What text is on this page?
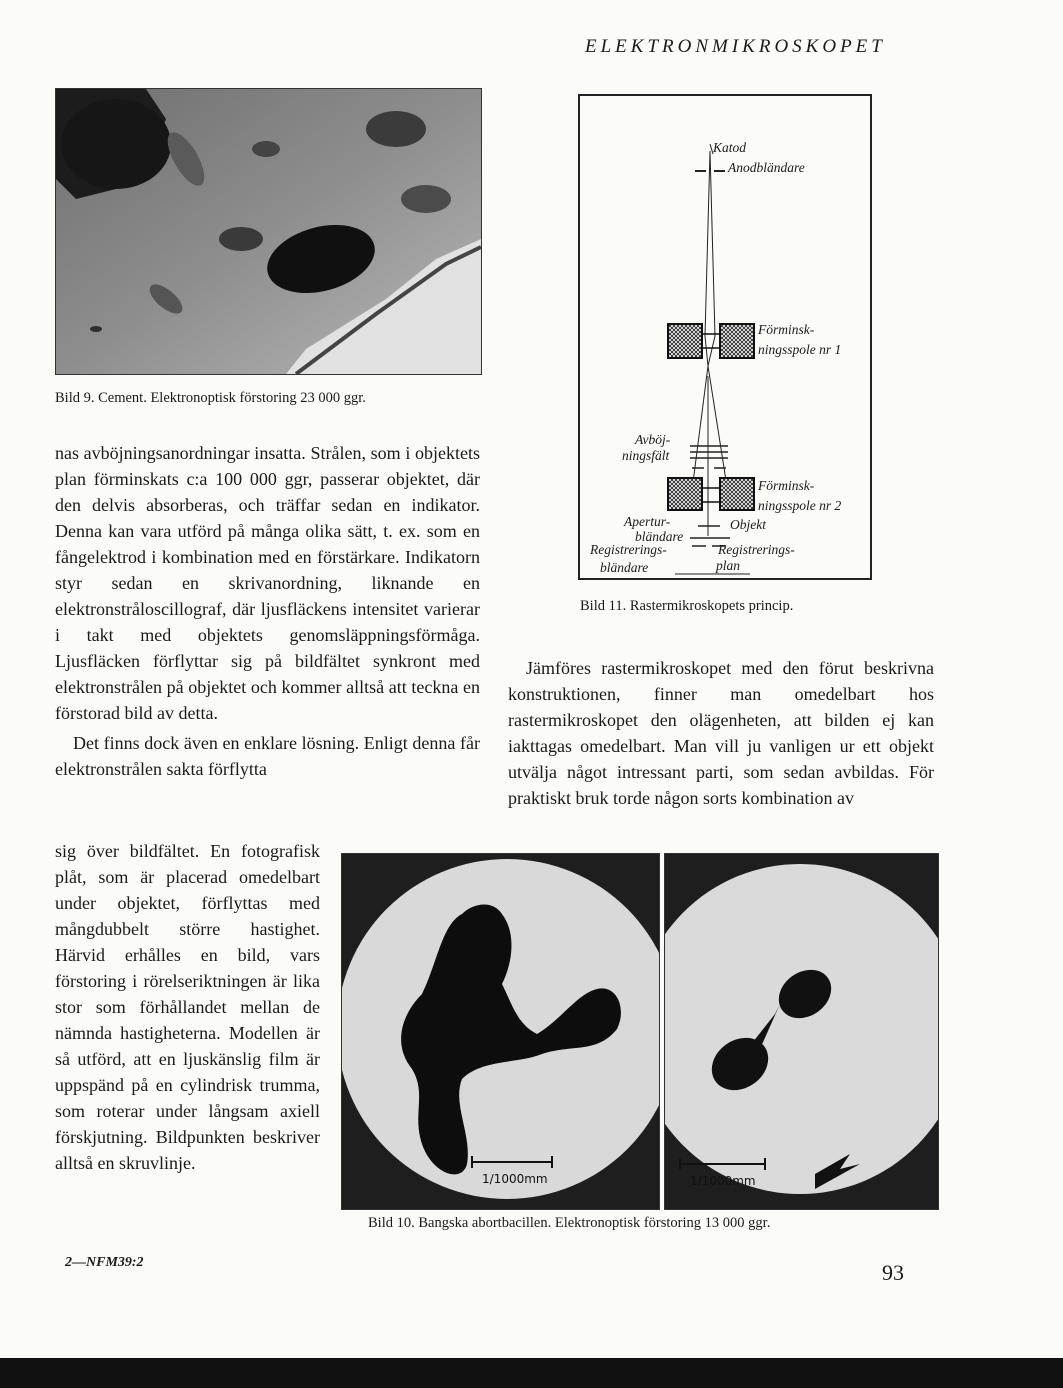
ELEKTRONMIKROSKOPET
Bild 9. Cement. Elektronoptisk förstoring 23 000 ggr.

nas avböjningsanordningar insatta. Strålen, som i objektets plan förminskats c:a 100 000 ggr, passerar objektet, där den delvis absorberas, och träffar sedan en indikator. Denna kan vara utförd på många olika sätt, t. ex. som en fångelektrod i kombination med en förstärkare. Indikatorn styr sedan en skrivanordning, liknande en elektronstråloscillograf, där ljusfläckens intensitet varierar i takt med objektets genomsläppningsförmåga. Ljusfläcken förflyttar sig på bildfältet synkront med elektronstrålen på objektet och kommer alltså att teckna en förstorad bild av detta.

Det finns dock även en enklare lösning. Enligt denna får elektronstrålen sakta förflytta

sig över bildfältet. En fotografisk plåt, som är placerad omedelbart under objektet, förflyttas med mångdubbelt större hastighet. Härvid erhålles en bild, vars förstoring i rörelseriktningen är lika stor som förhållandet mellan de nämnda hastigheterna. Modellen är så utförd, att en ljuskänslig film är uppspänd på en cylindrisk trumma, som roterar under långsam axiell förskjutning. Bildpunkten beskriver alltså en skruvlinje.
Katod
Anodbländare
Förminsk-
ningsspole nr 1
Avböj-
ningsfält
Förminsk-
ningsspole nr 2
Apertur-	Objekt
bländare
Registrerings-	Registrerings-
bländare	plan
Bild 11. Rastermikroskopets princip.
Jämföres rastermikroskopet med den förut beskrivna konstruktionen, finner man omedelbart hos rastermikroskopet den olägenheten, att bilden ej kan iakttagas omedelbart. Man vill ju vanligen ur ett objekt utvälja något intressant parti, som sedan avbildas. För praktiskt bruk torde någon sorts kombination av
1/1000mm	1/1000mm
Bild 10. Bangska abortbacillen. Elektronoptisk förstoring 13 000 ggr.
2—NFM39:2	93
